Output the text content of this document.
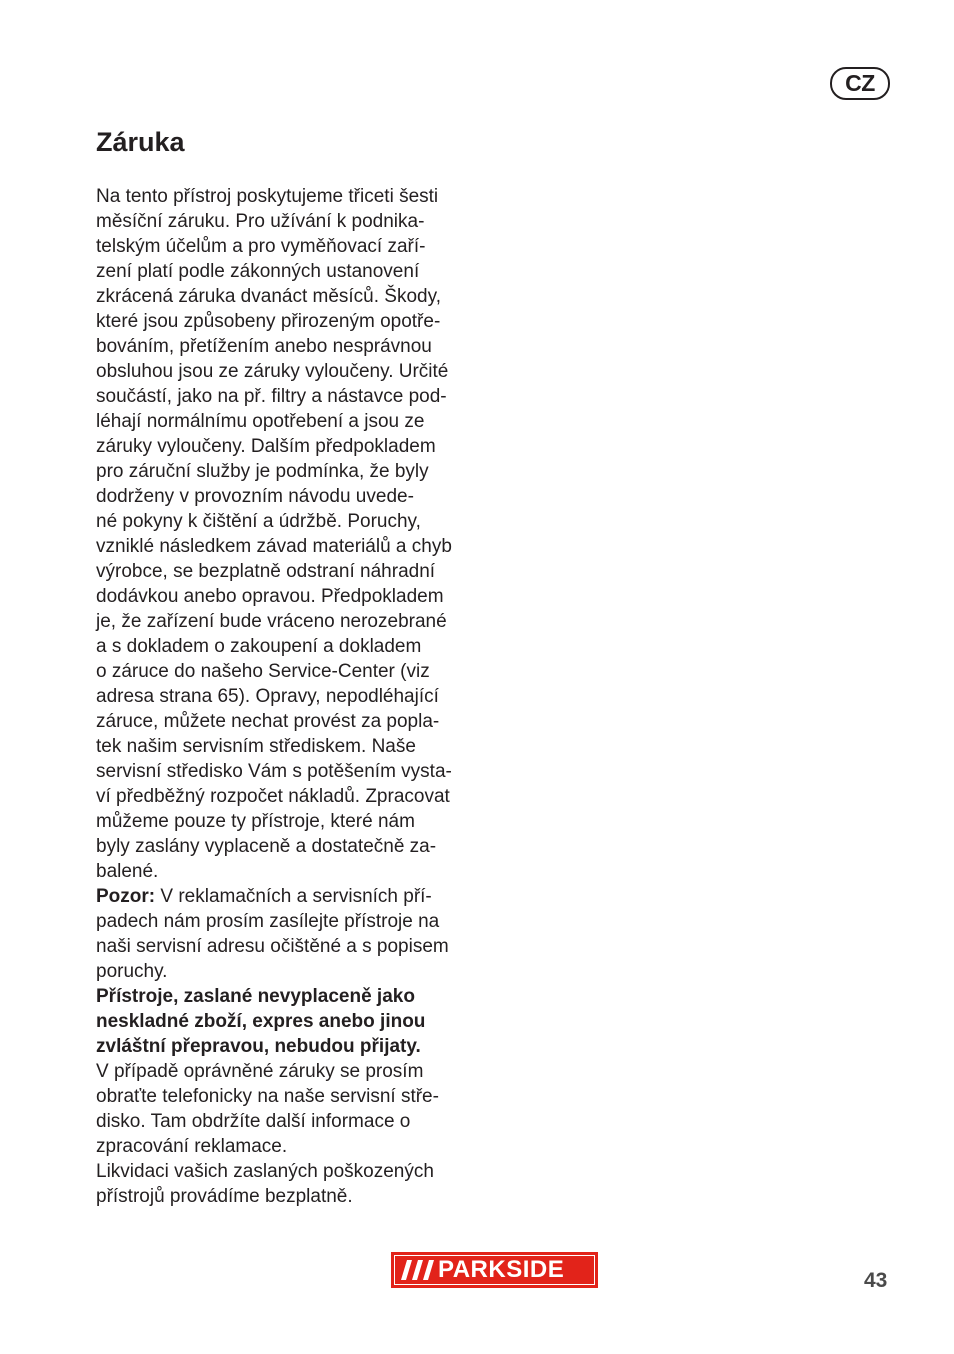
CZ
Záruka
Na tento přístroj poskytujeme třiceti šesti
měsíční záruku. Pro užívání k podnika-
telským účelům a pro vyměňovací zaří-
zení platí podle zákonných ustanovení
zkrácená záruka dvanáct měsíců. Škody,
které jsou způsobeny přirozeným opotře-
bováním, přetížením anebo nesprávnou
obsluhou jsou ze záruky vyloučeny. Určité
součástí, jako na př. filtry a nástavce pod-
léhají normálnímu opotřebení a jsou ze
záruky vyloučeny. Dalším předpokladem
pro záruční služby je podmínka, že byly
dodrženy v provozním návodu uvede-
né pokyny k čištění a údržbě. Poruchy,
vzniklé následkem závad materiálů a chyb
výrobce, se bezplatně odstraní náhradní
dodávkou anebo opravou. Předpokladem
je, že zařízení bude vráceno nerozebrané
a s dokladem o zakoupení a dokladem
o záruce do našeho Service-Center (viz
adresa strana 65). Opravy, nepodléhající
záruce, můžete nechat provést za popla-
tek našim servisním střediskem. Naše
servisní středisko Vám s potěšením vysta-
ví předběžný rozpočet nákladů. Zpracovat
můžeme pouze ty přístroje, které nám
byly zaslány vyplaceně a dostatečně za-
balené.
Pozor: V reklamačních a servisních pří-
padech nám prosím zasílejte přístroje na
naši servisní adresu očištěné a s popisem
poruchy.
Přístroje, zaslané nevyplaceně jako
neskladné zboží, expres anebo jinou
zvláštní přepravou, nebudou přijaty.
V případě oprávněné záruky se prosím
obraťte telefonicky na naše servisní stře-
disko. Tam obdržíte další informace o
zpracování reklamace.
Likvidaci vašich zaslaných poškozených
přístrojů provádíme bezplatně.
PARKSIDE	43
